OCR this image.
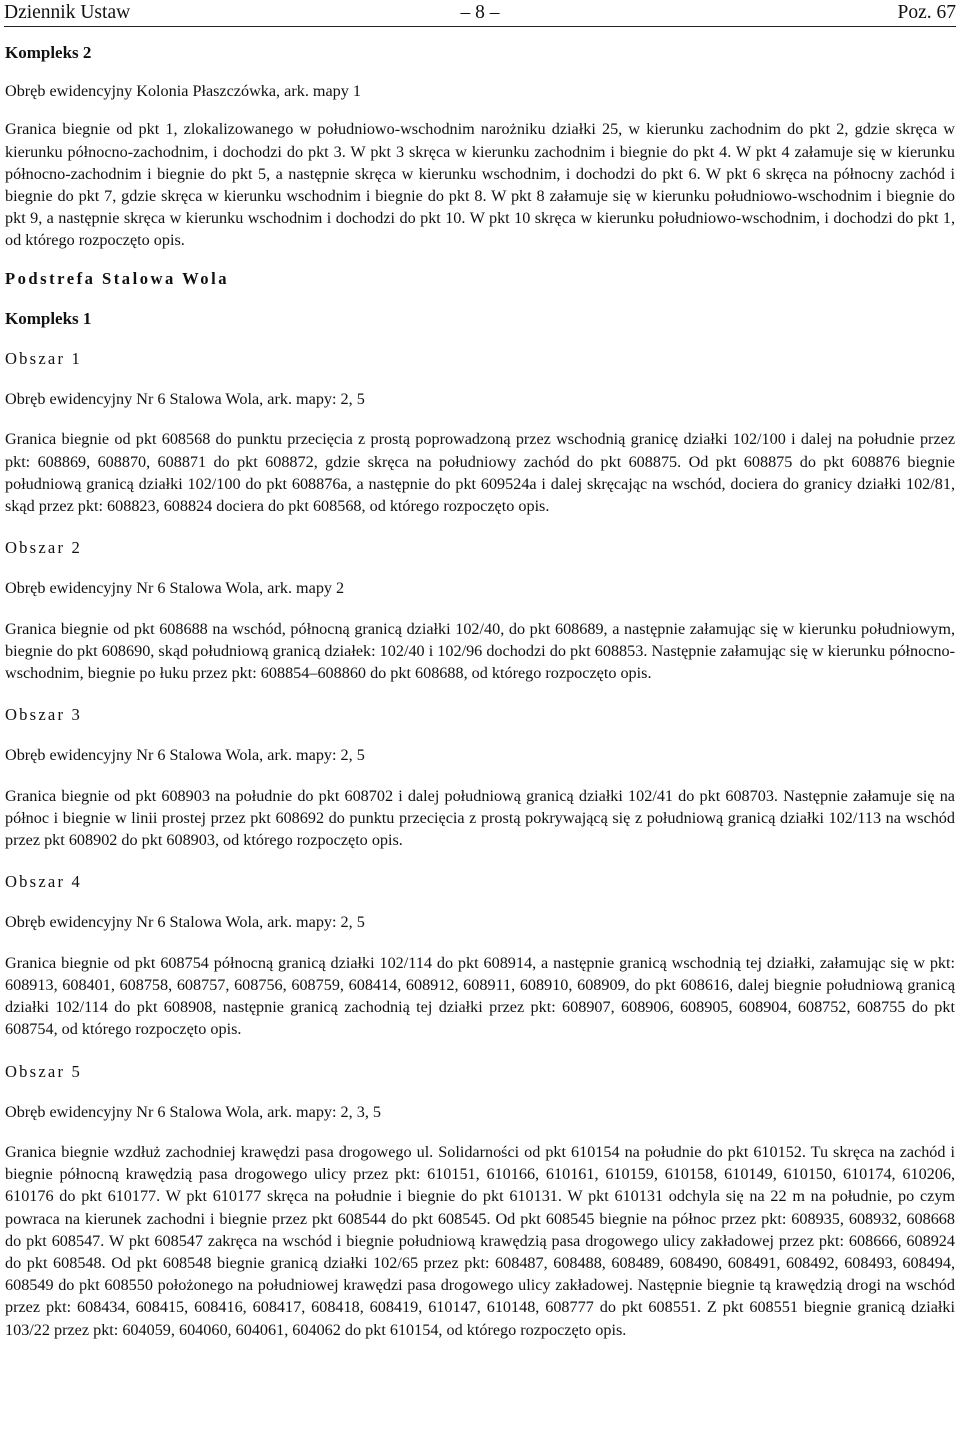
Dziennik Ustaw	– 8 –	Poz. 67

Kompleks 2

Obręb ewidencyjny Kolonia Płaszczówka, ark. mapy 1

Granica biegnie od pkt 1, zlokalizowanego w południowo-wschodnim narożniku działki 25, w kierunku zachodnim do pkt 2, gdzie skręca w kierunku północno-zachodnim, i dochodzi do pkt 3. W pkt 3 skręca w kierunku zachodnim i biegnie do pkt 4. W pkt 4 załamuje się w kierunku północno-zachodnim i biegnie do pkt 5, a następnie skręca w kierunku wschodnim, i dochodzi do pkt 6. W pkt 6 skręca na północny zachód i biegnie do pkt 7, gdzie skręca w kierunku wschodnim i biegnie do pkt 8. W pkt 8 załamuje się w kierunku południowo-wschodnim i biegnie do pkt 9, a następnie skręca w kierunku wschodnim i dochodzi do pkt 10. W pkt 10 skręca w kierunku południowo-wschodnim, i dochodzi do pkt 1, od którego rozpoczęto opis.

Podstrefa Stalowa Wola

Kompleks 1

Obszar 1

Obręb ewidencyjny Nr 6 Stalowa Wola, ark. mapy: 2, 5

Granica biegnie od pkt 608568 do punktu przecięcia z prostą poprowadzoną przez wschodnią granicę działki 102/100 i dalej na południe przez pkt: 608869, 608870, 608871 do pkt 608872, gdzie skręca na południowy zachód do pkt 608875. Od pkt 608875 do pkt 608876 biegnie południową granicą działki 102/100 do pkt 608876a, a następnie do pkt 609524a i dalej skręcając na wschód, dociera do granicy działki 102/81, skąd przez pkt: 608823, 608824 dociera do pkt 608568, od którego rozpoczęto opis.

Obszar 2

Obręb ewidencyjny Nr 6 Stalowa Wola, ark. mapy 2

Granica biegnie od pkt 608688 na wschód, północną granicą działki 102/40, do pkt 608689, a następnie załamując się w kierunku południowym, biegnie do pkt 608690, skąd południową granicą działek: 102/40 i 102/96 dochodzi do pkt 608853. Następnie załamując się w kierunku północno-wschodnim, biegnie po łuku przez pkt: 608854–608860 do pkt 608688, od którego rozpoczęto opis.

Obszar 3

Obręb ewidencyjny Nr 6 Stalowa Wola, ark. mapy: 2, 5

Granica biegnie od pkt 608903 na południe do pkt 608702 i dalej południową granicą działki 102/41 do pkt 608703. Następnie załamuje się na północ i biegnie w linii prostej przez pkt 608692 do punktu przecięcia z prostą pokrywającą się z południową granicą działki 102/113 na wschód przez pkt 608902 do pkt 608903, od którego rozpoczęto opis.

Obszar 4

Obręb ewidencyjny Nr 6 Stalowa Wola, ark. mapy: 2, 5

Granica biegnie od pkt 608754 północną granicą działki 102/114 do pkt 608914, a następnie granicą wschodnią tej działki, załamując się w pkt: 608913, 608401, 608758, 608757, 608756, 608759, 608414, 608912, 608911, 608910, 608909, do pkt 608616, dalej biegnie południową granicą działki 102/114 do pkt 608908, następnie granicą zachodnią tej działki przez pkt: 608907, 608906, 608905, 608904, 608752, 608755 do pkt 608754, od którego rozpoczęto opis.

Obszar 5

Obręb ewidencyjny Nr 6 Stalowa Wola, ark. mapy: 2, 3, 5

Granica biegnie wzdłuż zachodniej krawędzi pasa drogowego ul. Solidarności od pkt 610154 na południe do pkt 610152. Tu skręca na zachód i biegnie północną krawędzią pasa drogowego ulicy przez pkt: 610151, 610166, 610161, 610159, 610158, 610149, 610150, 610174, 610206, 610176 do pkt 610177. W pkt 610177 skręca na południe i biegnie do pkt 610131. W pkt 610131 odchyla się na 22 m na południe, po czym powraca na kierunek zachodni i biegnie przez pkt 608544 do pkt 608545. Od pkt 608545 biegnie na północ przez pkt: 608935, 608932, 608668 do pkt 608547. W pkt 608547 zakręca na wschód i biegnie południową krawędzią pasa drogowego ulicy zakładowej przez pkt: 608666, 608924 do pkt 608548. Od pkt 608548 biegnie granicą działki 102/65 przez pkt: 608487, 608488, 608489, 608490, 608491, 608492, 608493, 608494, 608549 do pkt 608550 położonego na południowej krawędzi pasa drogowego ulicy zakładowej. Następnie biegnie tą krawędzią drogi na wschód przez pkt: 608434, 608415, 608416, 608417, 608418, 608419, 610147, 610148, 608777 do pkt 608551. Z pkt 608551 biegnie granicą działki 103/22 przez pkt: 604059, 604060, 604061, 604062 do pkt 610154, od którego rozpoczęto opis.
